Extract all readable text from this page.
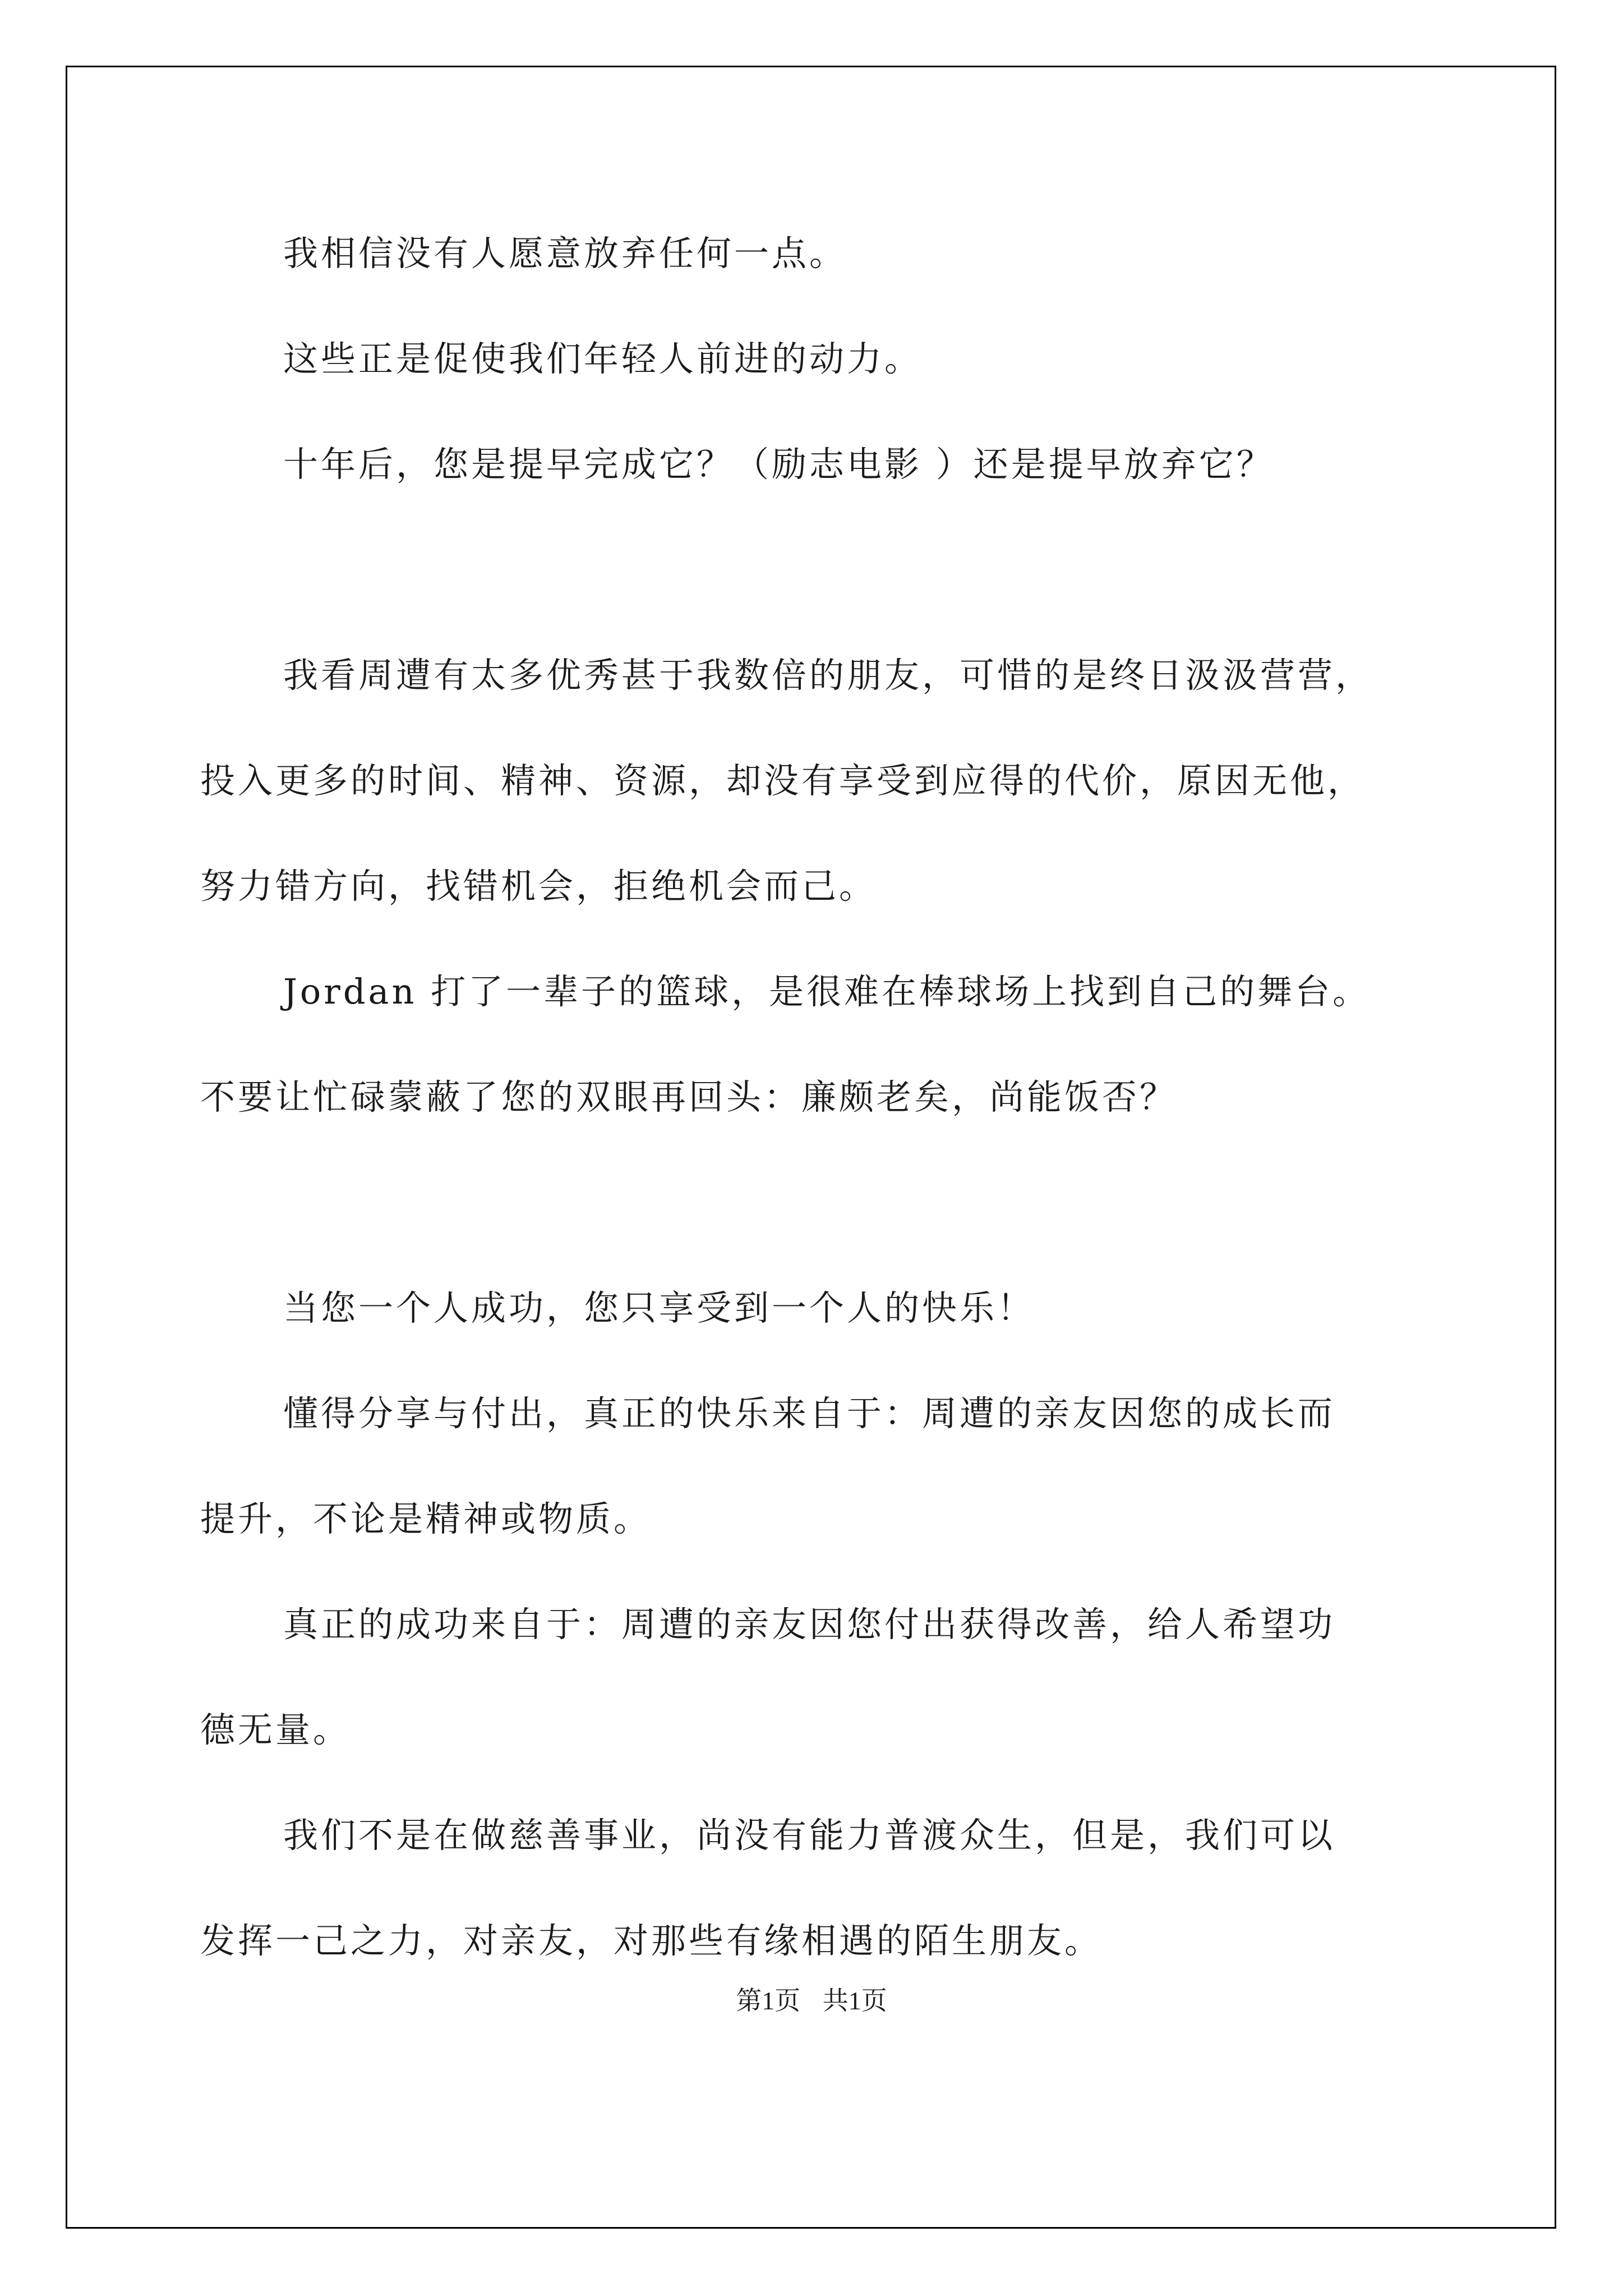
我相信没有人愿意放弃任何一点。
这些正是促使我们年轻人前进的动力。
十年后，您是提早完成它？（励志电影 ）还是提早放弃它？
我看周遭有太多优秀甚于我数倍的朋友，可惜的是终日汲汲营营，
投入更多的时间、精神、资源，却没有享受到应得的代价，原因无他，
努力错方向，找错机会，拒绝机会而己。
Jordan 打了一辈子的篮球，是很难在棒球场上找到自己的舞台。
不要让忙碌蒙蔽了您的双眼再回头：廉颇老矣，尚能饭否？
当您一个人成功，您只享受到一个人的快乐！
懂得分享与付出，真正的快乐来自于：周遭的亲友因您的成长而
提升，不论是精神或物质。
真正的成功来自于：周遭的亲友因您付出获得改善，给人希望功
德无量。
我们不是在做慈善事业，尚没有能力普渡众生，但是，我们可以
发挥一己之力，对亲友，对那些有缘相遇的陌生朋友。
第1页 共1页
